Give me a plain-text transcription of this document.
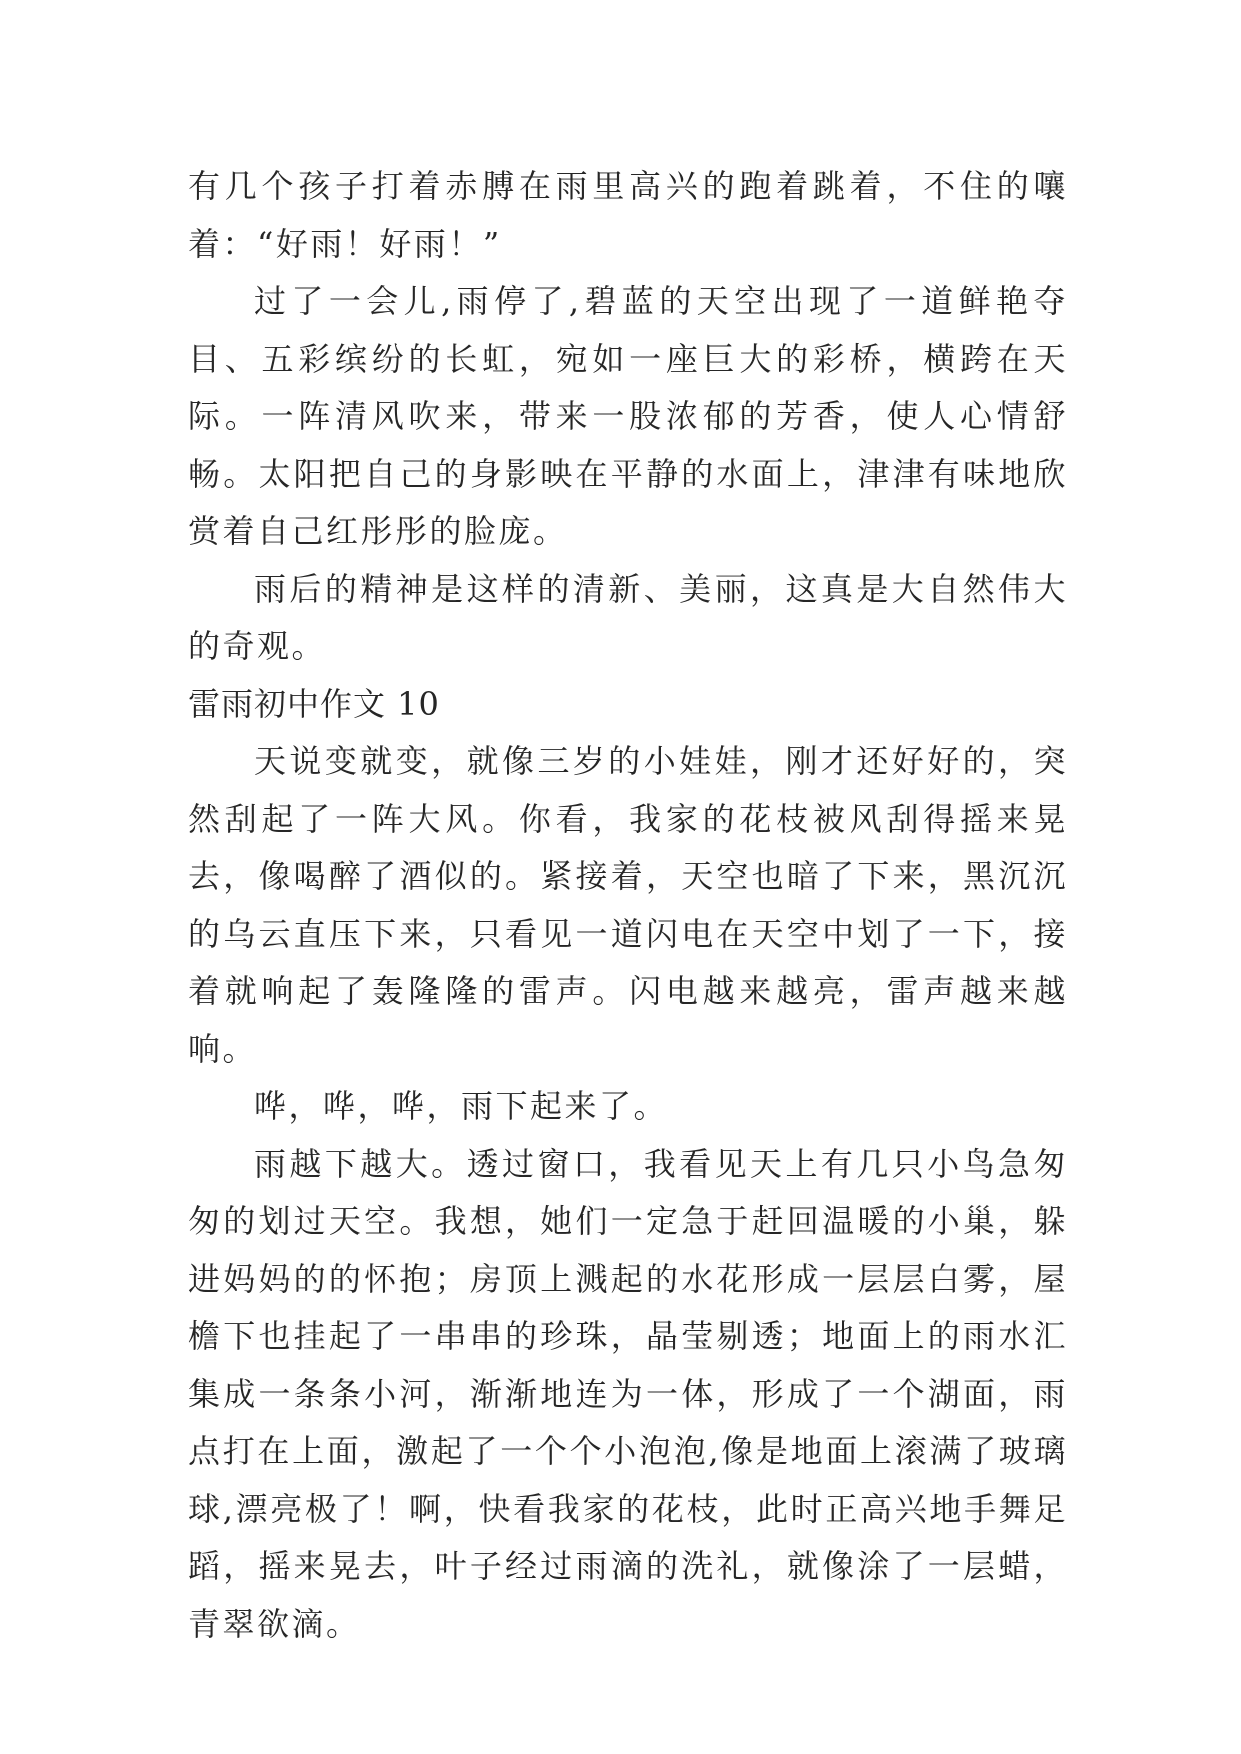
有几个孩子打着赤膊在雨里高兴的跑着跳着，不住的嚷着：“好雨！好雨！”

过了一会儿,雨停了,碧蓝的天空出现了一道鲜艳夺目、五彩缤纷的长虹，宛如一座巨大的彩桥，横跨在天际。一阵清风吹来，带来一股浓郁的芳香，使人心情舒畅。太阳把自己的身影映在平静的水面上，津津有味地欣赏着自己红彤彤的脸庞。

雨后的精神是这样的清新、美丽，这真是大自然伟大的奇观。

雷雨初中作文 10

天说变就变，就像三岁的小娃娃，刚才还好好的，突然刮起了一阵大风。你看，我家的花枝被风刮得摇来晃去，像喝醉了酒似的。紧接着，天空也暗了下来，黑沉沉的乌云直压下来，只看见一道闪电在天空中划了一下，接着就响起了轰隆隆的雷声。闪电越来越亮，雷声越来越响。

哗，哗，哗，雨下起来了。

雨越下越大。透过窗口，我看见天上有几只小鸟急匆匆的划过天空。我想，她们一定急于赶回温暖的小巢，躲进妈妈的的怀抱；房顶上溅起的水花形成一层层白雾，屋檐下也挂起了一串串的珍珠，晶莹剔透；地面上的雨水汇集成一条条小河，渐渐地连为一体，形成了一个湖面，雨点打在上面，激起了一个个小泡泡,像是地面上滚满了玻璃球,漂亮极了！啊，快看我家的花枝，此时正高兴地手舞足蹈，摇来晃去，叶子经过雨滴的洗礼，就像涂了一层蜡，青翠欲滴。
